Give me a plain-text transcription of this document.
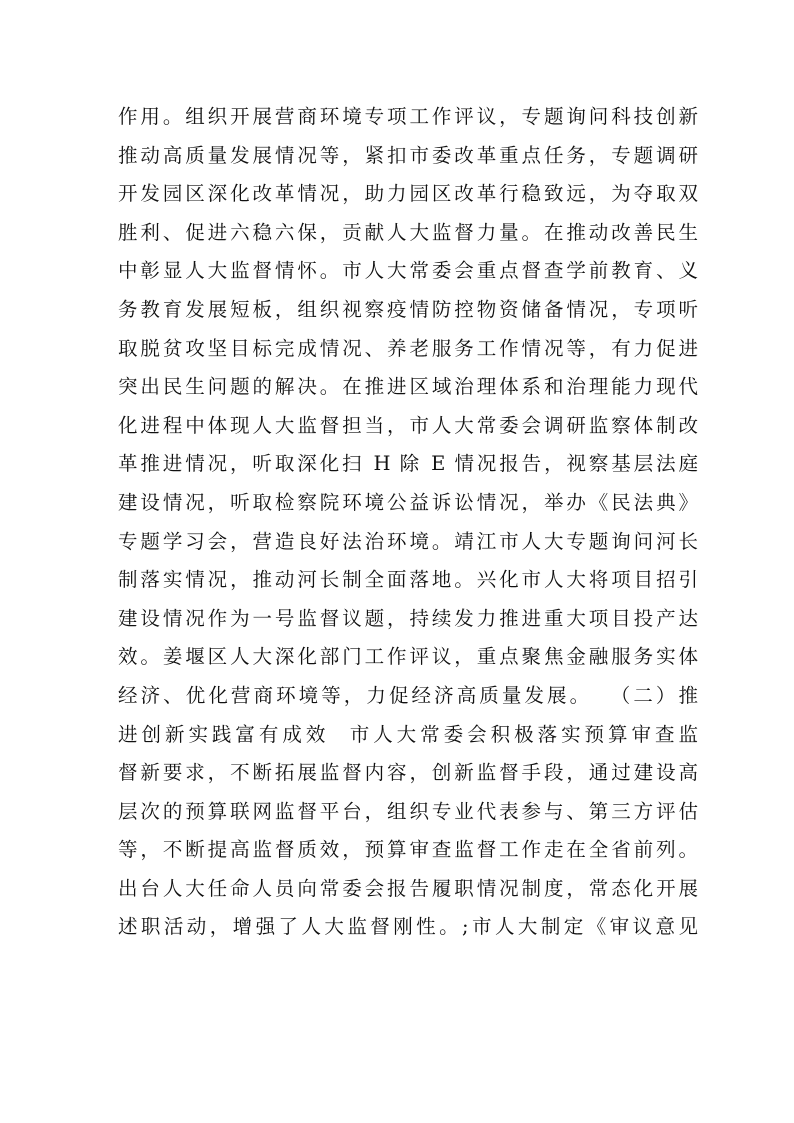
作用。组织开展营商环境专项工作评议，专题询问科技创新
推动高质量发展情况等，紧扣市委改革重点任务，专题调研
开发园区深化改革情况，助力园区改革行稳致远，为夺取双
胜利、促进六稳六保，贡献人大监督力量。在推动改善民生
中彰显人大监督情怀。市人大常委会重点督查学前教育、义
务教育发展短板，组织视察疫情防控物资储备情况，专项听
取脱贫攻坚目标完成情况、养老服务工作情况等，有力促进
突出民生问题的解决。在推进区域治理体系和治理能力现代
化进程中体现人大监督担当，市人大常委会调研监察体制改
革推进情况，听取深化扫 H 除 E 情况报告，视察基层法庭
建设情况，听取检察院环境公益诉讼情况，举办《民法典》
专题学习会，营造良好法治环境。靖江市人大专题询问河长
制落实情况，推动河长制全面落地。兴化市人大将项目招引
建设情况作为一号监督议题，持续发力推进重大项目投产达
效。姜堰区人大深化部门工作评议，重点聚焦金融服务实体
经济、优化营商环境等，力促经济高质量发展。  （二）推
进创新实践富有成效  市人大常委会积极落实预算审查监
督新要求，不断拓展监督内容，创新监督手段，通过建设高
层次的预算联网监督平台，组织专业代表参与、第三方评估
等，不断提高监督质效，预算审查监督工作走在全省前列。
出台人大任命人员向常委会报告履职情况制度，常态化开展
述职活动，增强了人大监督刚性。;市人大制定《审议意见
